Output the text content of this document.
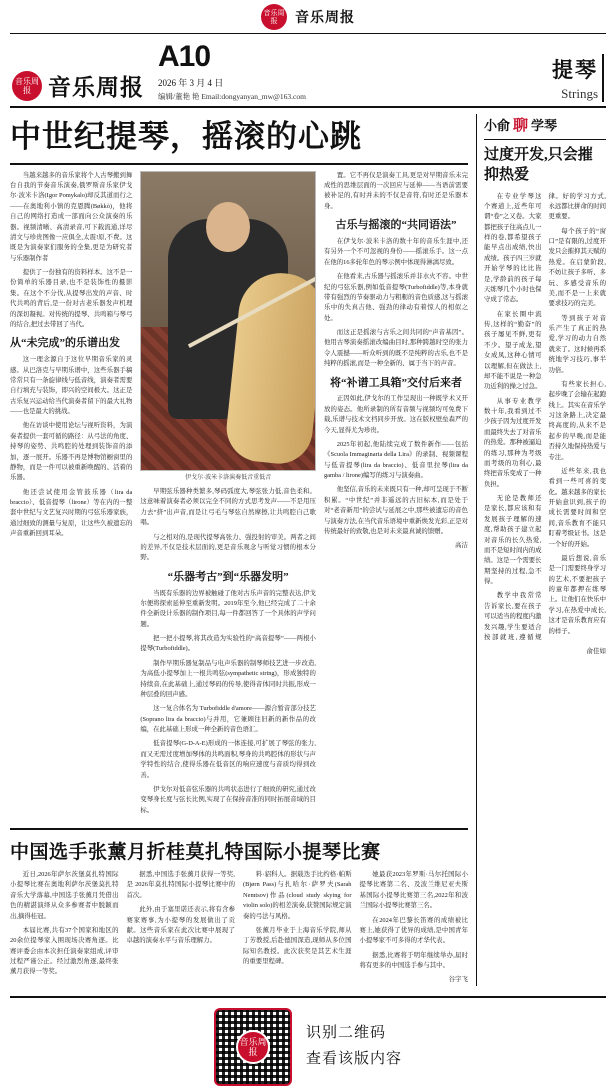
音乐周报	音乐周报
音乐周报 音乐周报
A10
2026 年 3 月 4 日
编辑/董艳 艳 Email:dongyanyan_mw@163.com
提琴
Strings
中世纪提琴，摇滚的心跳

当越来越多的音乐家将个人古琴搬到舞台自我的节奏音乐演奏,俄罗斯音乐家伊戈尔·波米卡洛(Igor Pomykalo)却反其道而行之——在奥地利小镇的克恩腾(Bøkkò)，他将自己的网络打造成一部面向公众演奏的乐器。视频清晰、高清录音,可下载流通,详尽清文与珍贵图像一应俱全,太震!原,不费。这既是为演奏家们服务的全集,更是为研究者与乐器制作者

提供了一份独有的资料样本。这不是一份简单的乐器目录,也不是装饰性的摄影集。在这个不分伐,从提琴出发的声音、时代共鸣的背后,是一份对古老乐器发声机理的深切凝视。对传统的提琴、共鸣箱与琴弓的结合,把过去带回了当代。

从“未完成”的乐谱出发

这一理念源自于这位早期音乐家的灵感。从巴洛克与早期乐谱中，这些乐器手稿常常只有一条旋律线与低音线，演奏者需要自行填充与装饰，即兴的空间极大。这正是古乐复兴运动给当代演奏者留下的最大礼物——也是最大的挑战。

他在访谈中使用论坛与视听资料，为演奏者提供一套可循的路径：从弓法的角度、持琴的姿势、共鸣腔的处理到装饰音的添加，逐一展开。乐器不再是博物馆橱窗里的静物，而是一件可以被重新唤醒的、活着的乐器。

他还尝试使用金管鼓乐器（lira da braccio）、低音提琴（lirone）等在内的一整套中世纪与文艺复兴时期的弓弦乐器家族，通过细致的测量与复原，让这些久被遗忘的声音重新回到耳朵。

伊戈尔·波米卡洛演奏低音重低音

早期弦乐器种类繁多,琴码弧度大,琴弦张力低,音色柔和。这意味着演奏者必须以完全不同的方式思考发声——不是用压力去“挤”出声音,而是让弓毛与琴弦自然摩擦,让共鸣腔自己歌唱。

与之相对的,是现代提琴高张力、强投射的审美。两者之间的差异,不仅是技术层面的,更是音乐观念与听觉习惯的根本分野。

“乐器考古”到“乐器发明”

当既有乐器的边界被触碰了他对古乐声音的完整表达,伊戈尔便将探索延伸至重新发明。2019年至今,他已经完成了二十余件全新设计乐器的制作项目,每一件都回答了一个具体的声学问题。

把一把小提琴,将其改造为实验性的“高音提琴”——两根小提琴(Turbofiddle)。

制作早期乐器复制品与电声乐器的制琴师技艺进一步改造,为高低小提琴加上一根共鸣弦(sympathetic string)，形成独特的持续音,在此基础上,通过琴码的传导,使得音体同时共振,形成一种层叠的回声感。

这一复合体名为 Turbofiddle d'amore——源合暂音部分技艺(Soprano lira da braccio)与并用，它兼顾往旧新的新作品的改编，在此基础上形成一种全新的音色语汇。

低音提琴(G-D-A-E)形成的一体连接,可扩展了琴弦的张力,而又无需过度增加琴体的共鸣面积,琴身的共鸣腔体的形状与声学特性的结合,使得乐器在低音区的响应速度与音质均得到改善。

伊戈尔对低音弦乐器的共鸣状态进行了细致的研究,通过改变琴身长度与弦长比例,实现了在保持音准的同时拓展音域的目标。

置。它不再仅是演奏工具,更是对早期音乐未完成性的思维层面的一次回应与延伸——当语前需要被补足的,有时并未的不仅是音符,有时还是乐器本身。

古乐与摇滚的“共同语法”

在伊戈尔·波米卡洛的数十年的音乐生涯中,还有另外一个不可忽视的身份——摇滚乐手。这一点在他的16多轮年色的琴示例中体现得淋漓尽致。

在他看来,古乐器与摇滚乐并非水火不容。中世纪的弓弦乐器,例如低音提琴(Turbofiddle)等,本身就带有强烈的节奏驱动力与粗粝的音色质感,这与摇滚乐中的失真吉他、强劲的律动有着惊人的相似之处。

而这正是摇滚与古乐之间共同的“声音基因”。他用古琴演奏摇滚改编曲目时,那种跨越时空的张力令人震撼——听众听到的既不是纯粹的古乐,也不是纯粹的摇滚,而是一种全新的、属于当下的声音。

将“补谱工具箱”交付后来者

正因如此,伊戈尔的工作呈现出一种既学术又开放的姿态。他所录制的所有音频与视频均可免费下载,乐谱与技术文档同步开放。这在版权壁垒森严的今天,显得尤为珍贵。

2025年初起,他陆续完成了数件新作——包括《Scuola Immaginaria della Lira》的录制、视频课程与低音提琴(lira da braccio)、低音里拉琴(lira da gamba / lirone)编写的练习与演奏曲。

他坚信,音乐的未来既只有一种,却可呈现于不断积累。“中世纪”并非遥远的古旧标本,而是处于对“老音新用”的尝试与延展之中,那些被遗忘的音色与演奏方法,在当代音乐语境中重新焕发光彩,正是对传统最好的致敬,也是对未来最真诚的馈赠。

高洁
中国选手张薰月折桂莫扎特国际小提琴比赛

近日,2026年萨尔茨堡莫扎特国际小提琴比赛在奥地利萨尔茨堡莫扎特音乐大学落幕,中国选手张薰月凭借出色的精湛演绎从众多参赛者中脱颖而出,摘得桂冠。

本届比赛,共有37个国家和地区的20余位提琴家入围现场决赛角逐。比赛评委会由本次担任演奏家组成,评审过程严谨公正。经过激烈角逐,最终张薰月获得一等奖。

据悉,中国选手张薰月获得一等奖,是 2026年莫扎特国际小提琴比赛中的首次。

此外,由于塞里诺还表示,将有含参赛家赛事,为小提琴的发展做出了贡献。这些音乐家在此次比赛中展现了卓越的演奏水平与音乐理解力。

料·貂科人。据载迭手比约格·帕斯(Bjørn Pass)与扎哈尔·萨罗夫(Sarah Nemtsov)作品(cloud study skying for violin solo)的相差演奏,获赞国际规定演奏的弓法与风格。

张薰月毕业于上海音乐学院,师从丁芳教授,后赴德国深造,现师从多位国际知名教授。此次获奖是其艺术生涯的重要里程碑。

她最获2023年罗斯·马尔托国际小提琴比赛第二名、及波兰维尼亚夫斯基国际小提琴比赛第三名,2022年和波兰国际小提琴比赛第三名。

在2024年巴黎长笛赛的成绩被比赛上,她获得了优异的成绩,是中国青年小提琴家不可多得的才华代表。

据悉,比赛将于明年继续举办,届时将有更多的中国选手参与其中。

谷宇飞
小俞 聊 学琴
过度开发,只会摧抑热爱

在专业学琴这个赛道上,近些年可谓“卷”之又卷。大家都把孩子往高点儿一样的卷,都希望孩子能早点出成绩,快出成绩。孩子四三岁就开始学琴的比比皆是,学龄前的孩子每天练琴几个小时也保守成了常态。

在家长圈中流传,这样的“勤奋”的孩子屡见不鲜,更有不少。望子成龙,望女成凤,这种心情可以理解,但在做法上,却不能不说是一种急功近利的操之过急。

从事专业教学数十年,我看到过不少孩子因为过度开发而最终失去了对音乐的热爱。那种被逼迫的练习,那种为考级而考级的功利心,最终把音乐变成了一种负担。

无论是教师还是家长,都应该和有发展孩子理解的速度,帮助孩子建立起对音乐的长久热爱,而不是短时间内的成绩。这是一个需要长期坚持的过程,急不得。

教学中我常常告诉家长,要在孩子可以适当的程度内激发兴趣,学生要适合按部就班,遵循规律。好的学习方式,永远都比拼命的时间更重要。

每个孩子的“窗口”是有限的,过度开发只会摧抑其天赋的热爱。在启蒙阶段,不妨让孩子多听、多玩、多感受音乐的美,而不是一上来就要求技巧的完美。

等到孩子对音乐产生了真正的热爱,学习的动力自然就来了。这时候再系统地学习技巧,事半功倍。

有些家长担心,起步晚了会输在起跑线上。其实在音乐学习这条路上,决定最终高度的,从来不是起步的早晚,而是能否持久地保持热爱与专注。

近些年来,我也看到一些可喜的变化。越来越多的家长开始意识到,孩子的成长需要时间和空间,音乐教育不能只盯着考级证书。这是一个好的开始。

最后想说,音乐是一门需要终身学习的艺术,不要把孩子的童年都押在练琴上。让他们在快乐中学习,在热爱中成长,这才是音乐教育应有的样子。

俞佳如
音乐周报
识别二维码
查看该版内容
